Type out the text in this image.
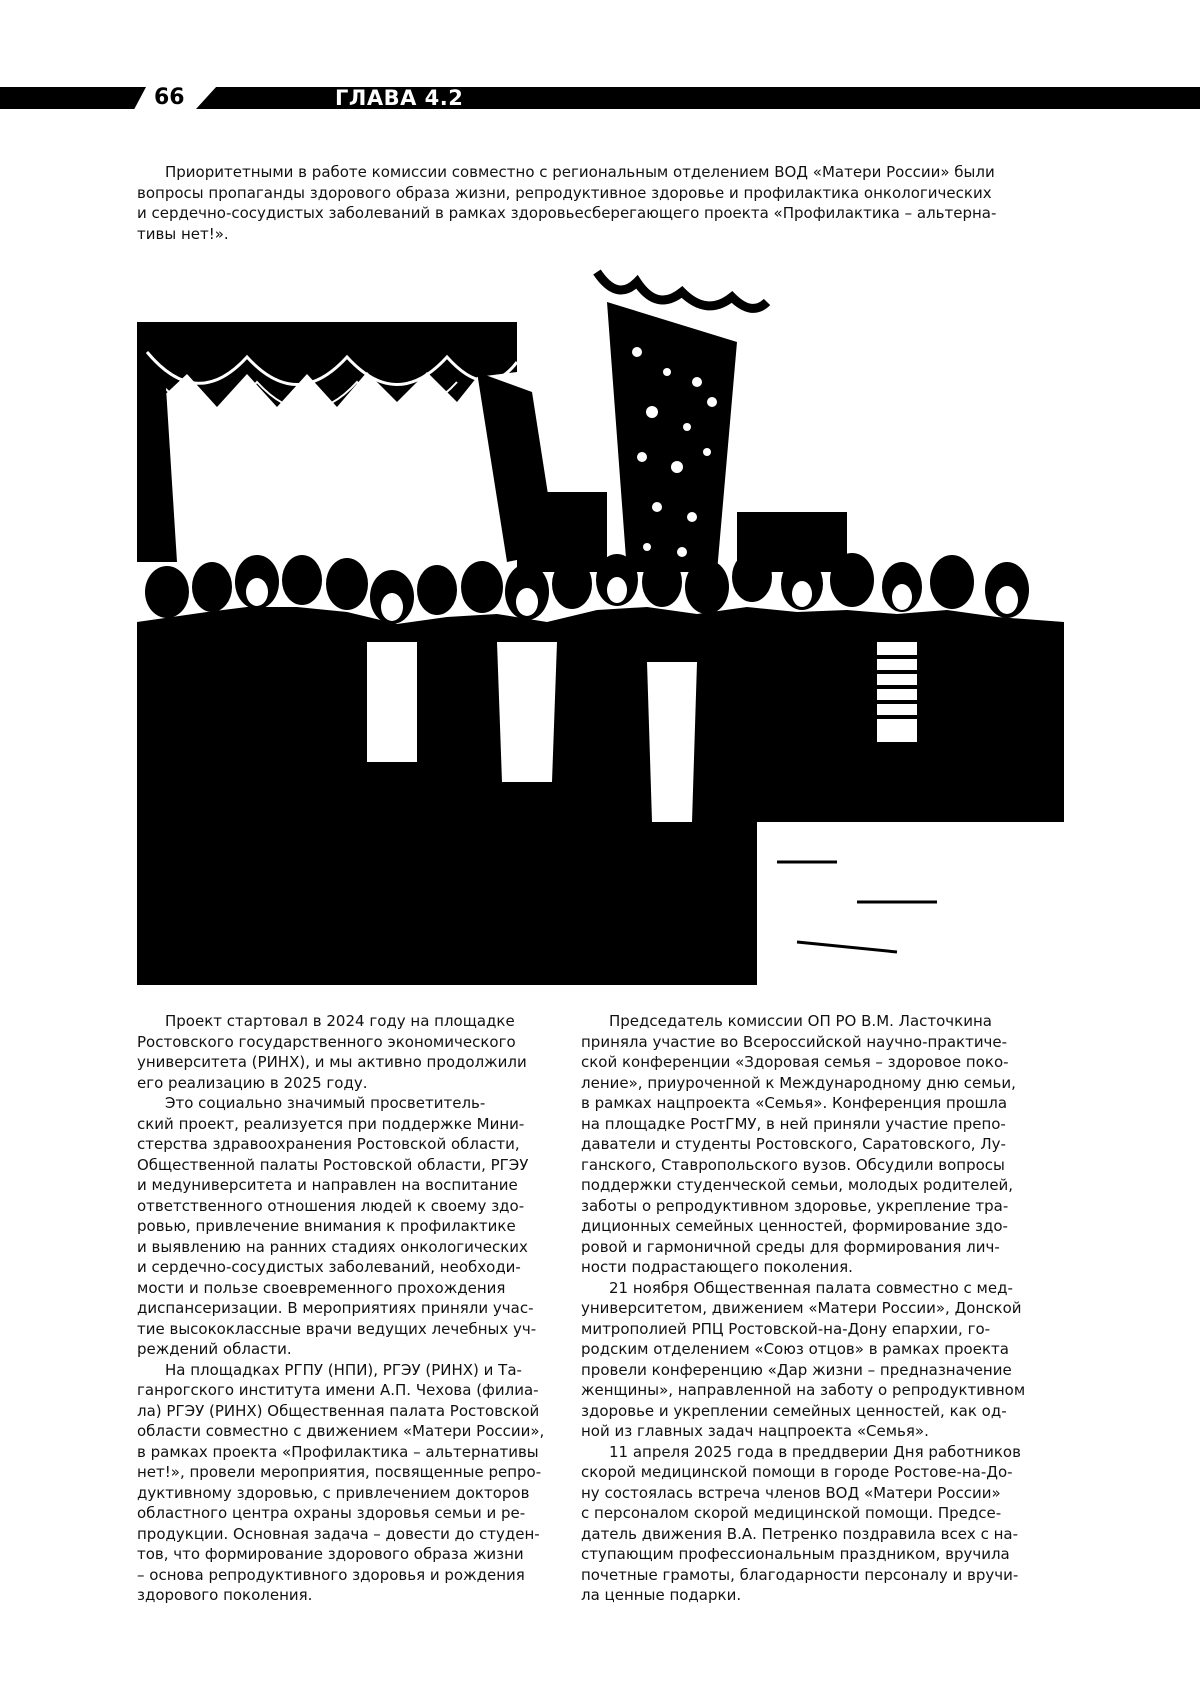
66	ГЛАВА 4.2

Приоритетными в работе комиссии совместно с региональным отделением ВОД «Матери России» были
вопросы пропаганды здорового образа жизни, репродуктивное здоровье и профилактика онкологических
и сердечно-сосудистых заболеваний в рамках здоровьесберегающего проекта «Профилактика – альтерна-
тивы нет!».

Проект стартовал в 2024 году на площадке
Ростовского государственного экономического
университета (РИНХ), и мы активно продолжили
его реализацию в 2025 году.

Это социально значимый просветитель-
ский проект, реализуется при поддержке Мини-
стерства здравоохранения Ростовской области,
Общественной палаты Ростовской области, РГЭУ
и медуниверситета и направлен на воспитание
ответственного отношения людей к своему здо-
ровью, привлечение внимания к профилактике
и выявлению на ранних стадиях онкологических
и сердечно-сосудистых заболеваний, необходи-
мости и пользе своевременного прохождения
диспансеризации. В мероприятиях приняли учас-
тие высококлассные врачи ведущих лечебных уч-
реждений области.

На площадках РГПУ (НПИ), РГЭУ (РИНХ) и Та-
ганрогского института имени А.П. Чехова (филиа-
ла) РГЭУ (РИНХ) Общественная палата Ростовской
области совместно с движением «Матери России»,
в рамках проекта «Профилактика – альтернативы
нет!», провели мероприятия, посвященные репро-
дуктивному здоровью, с привлечением докторов
областного центра охраны здоровья семьи и ре-
продукции. Основная задача – довести до студен-
тов, что формирование здорового образа жизни
– основа репродуктивного здоровья и рождения
здорового поколения.

Председатель комиссии ОП РО В.М. Ласточкина
приняла участие во Всероссийской научно-практиче-
ской конференции «Здоровая семья – здоровое поко-
ление», приуроченной к Международному дню семьи,
в рамках нацпроекта «Семья». Конференция прошла
на площадке РостГМУ, в ней приняли участие препо-
даватели и студенты Ростовского, Саратовского, Лу-
ганского, Ставропольского вузов. Обсудили вопросы
поддержки студенческой семьи, молодых родителей,
заботы о репродуктивном здоровье, укрепление тра-
диционных семейных ценностей, формирование здо-
ровой и гармоничной среды для формирования лич-
ности подрастающего поколения.

21 ноября Общественная палата совместно с мед-
университетом, движением «Матери России», Донской
митрополией РПЦ Ростовской-на-Дону епархии, го-
родским отделением «Союз отцов» в рамках проекта
провели конференцию «Дар жизни – предназначение
женщины», направленной на заботу о репродуктивном
здоровье и укреплении семейных ценностей, как од-
ной из главных задач нацпроекта «Семья».

11 апреля 2025 года в преддверии Дня работников
скорой медицинской помощи в городе Ростове-на-До-
ну состоялась встреча членов ВОД «Матери России»
с персоналом скорой медицинской помощи. Предсе-
датель движения В.А. Петренко поздравила всех с на-
ступающим профессиональным праздником, вручила
почетные грамоты, благодарности персоналу и вручи-
ла ценные подарки.
